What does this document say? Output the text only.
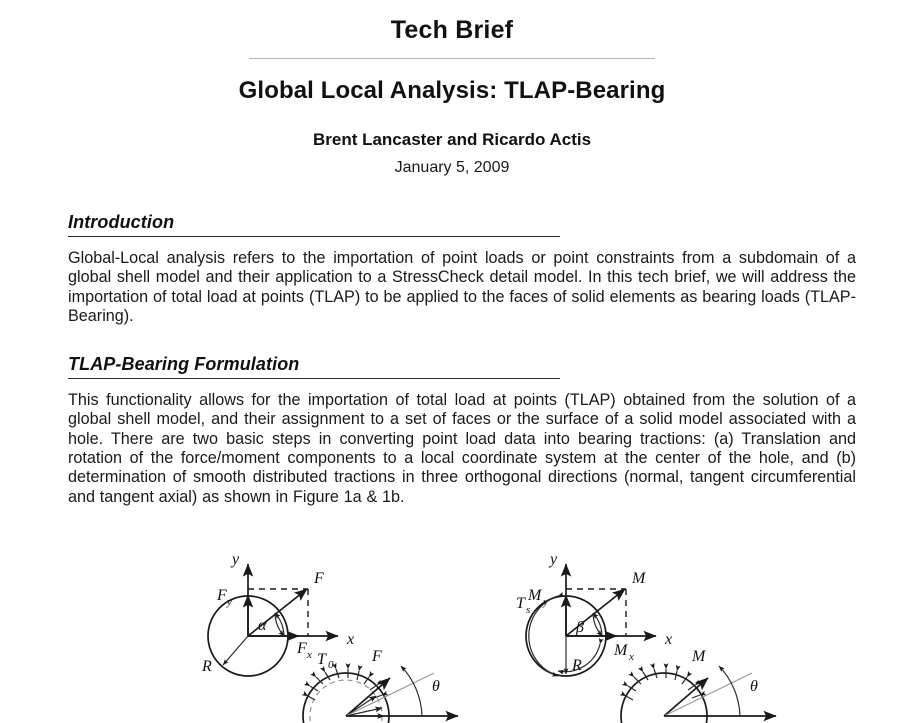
Tech Brief
Global Local Analysis: TLAP-Bearing
Brent Lancaster and Ricardo Actis
January 5, 2009
Introduction

Global-Local analysis refers to the importation of point loads or point constraints from a subdomain of a global shell model and their application to a StressCheck detail model. In this tech brief, we will address the importation of total load at points (TLAP) to be applied to the faces of solid elements as bearing loads (TLAP-Bearing).

TLAP-Bearing Formulation

This functionality allows for the importation of total load at points (TLAP) obtained from the solution of a global shell model, and their assignment to a set of faces or the surface of a solid model associated with a hole. There are two basic steps in converting point load data into bearing tractions: (a) Translation and rotation of the force/moment components to a local coordinate system at the center of the hole, and (b) determination of smooth distributed tractions in three orthogonal directions (normal, tangent circumferential and tangent axial) as shown in Figure 1a & 1b.

R
y
x
F y
F x
F
α
T 0 F
θ
T s
R
y
x
M y
M x
M
β
M
θ
